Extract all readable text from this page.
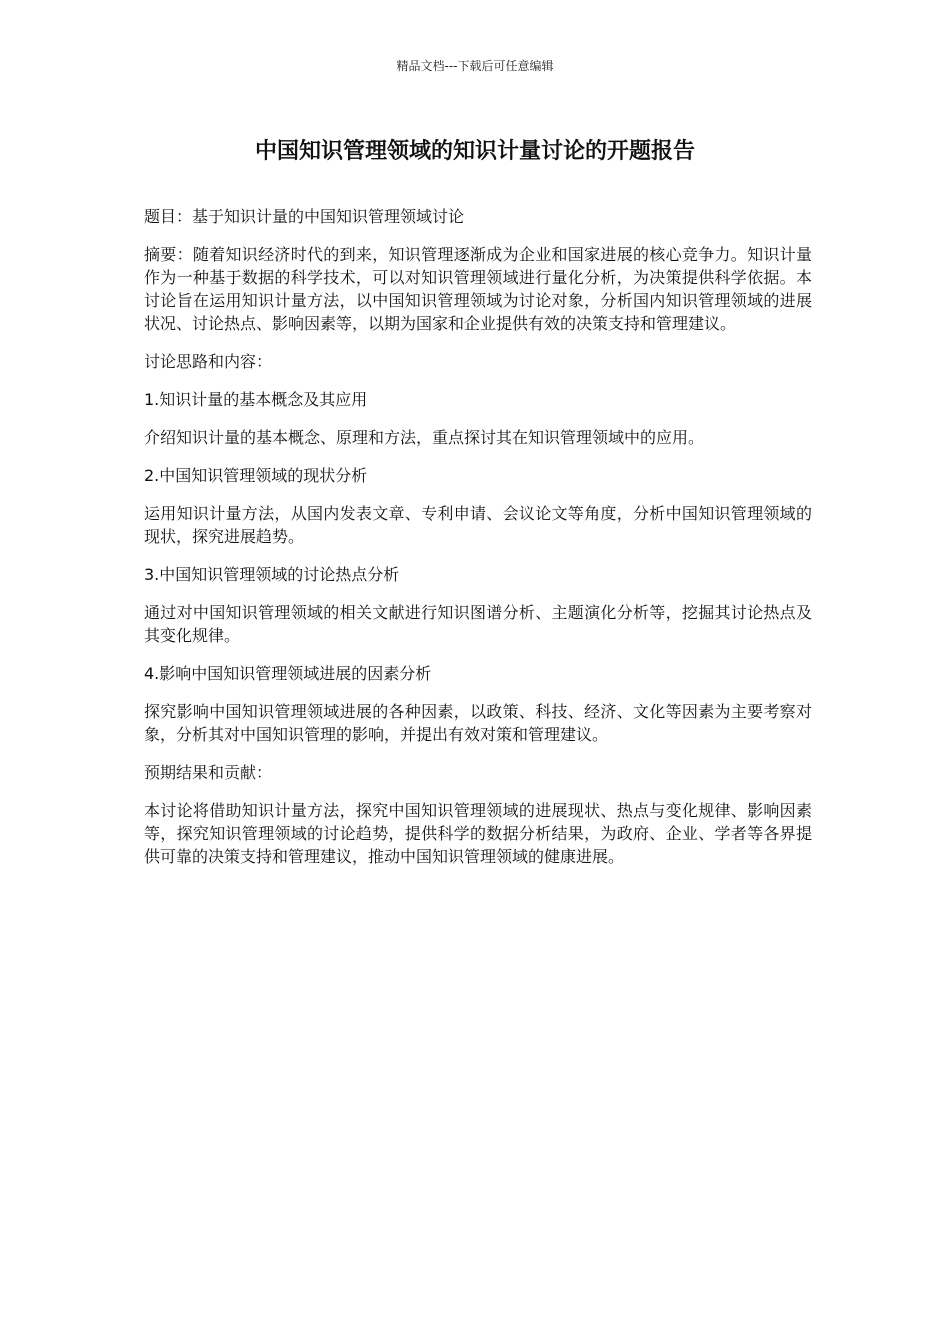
精品文档---下载后可任意编辑
中国知识管理领域的知识计量讨论的开题报告

题目：基于知识计量的中国知识管理领域讨论

摘要：随着知识经济时代的到来，知识管理逐渐成为企业和国家进展的核心竞争力。知识计量作为一种基于数据的科学技术，可以对知识管理领域进行量化分析，为决策提供科学依据。本讨论旨在运用知识计量方法，以中国知识管理领域为讨论对象，分析国内知识管理领域的进展状况、讨论热点、影响因素等，以期为国家和企业提供有效的决策支持和管理建议。

讨论思路和内容：

1.知识计量的基本概念及其应用

介绍知识计量的基本概念、原理和方法，重点探讨其在知识管理领域中的应用。

2.中国知识管理领域的现状分析

运用知识计量方法，从国内发表文章、专利申请、会议论文等角度，分析中国知识管理领域的现状，探究进展趋势。

3.中国知识管理领域的讨论热点分析

通过对中国知识管理领域的相关文献进行知识图谱分析、主题演化分析等，挖掘其讨论热点及其变化规律。

4.影响中国知识管理领域进展的因素分析

探究影响中国知识管理领域进展的各种因素，以政策、科技、经济、文化等因素为主要考察对象，分析其对中国知识管理的影响，并提出有效对策和管理建议。

预期结果和贡献：

本讨论将借助知识计量方法，探究中国知识管理领域的进展现状、热点与变化规律、影响因素等，探究知识管理领域的讨论趋势，提供科学的数据分析结果，为政府、企业、学者等各界提供可靠的决策支持和管理建议，推动中国知识管理领域的健康进展。
